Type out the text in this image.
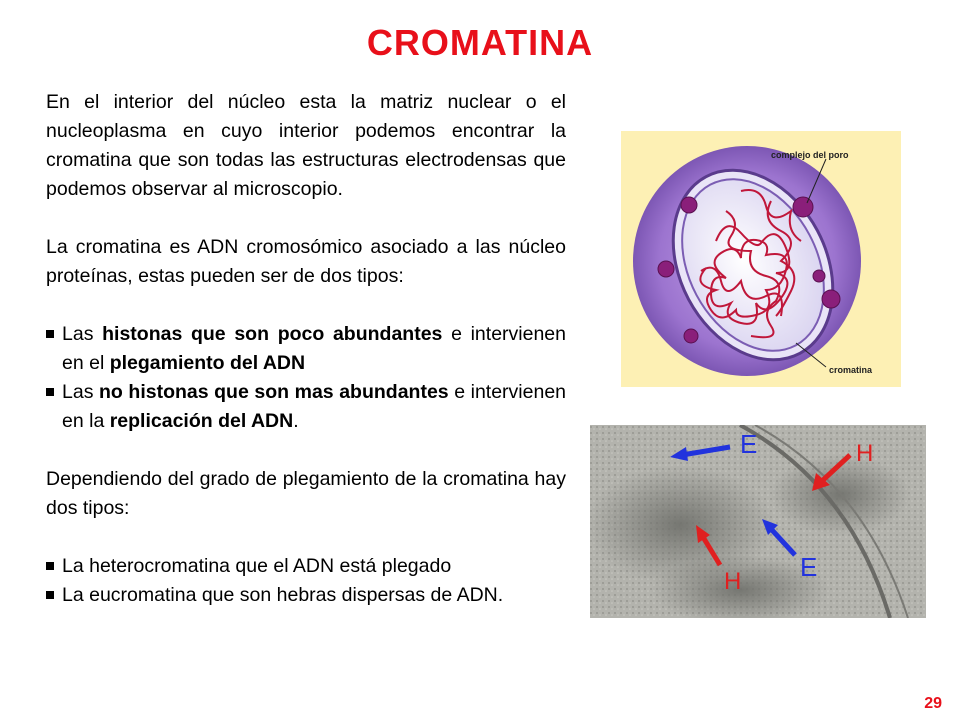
CROMATINA

En el interior del núcleo esta la matriz nuclear o el nucleoplasma en cuyo interior podemos encontrar la cromatina que son todas las estructuras electrodensas que podemos observar al microscopio.

La cromatina es ADN cromosómico asociado a las núcleo proteínas, estas pueden ser de dos tipos:

Las histonas que son poco abundantes e intervienen en el plegamiento del ADN
Las no histonas que son mas abundantes e intervienen en la replicación del ADN.

Dependiendo del grado de plegamiento de la cromatina hay dos tipos:

La heterocromatina que el ADN está plegado
La eucromatina que son hebras dispersas de ADN.
complejo del poro
cromatina
E	H
H E
29
